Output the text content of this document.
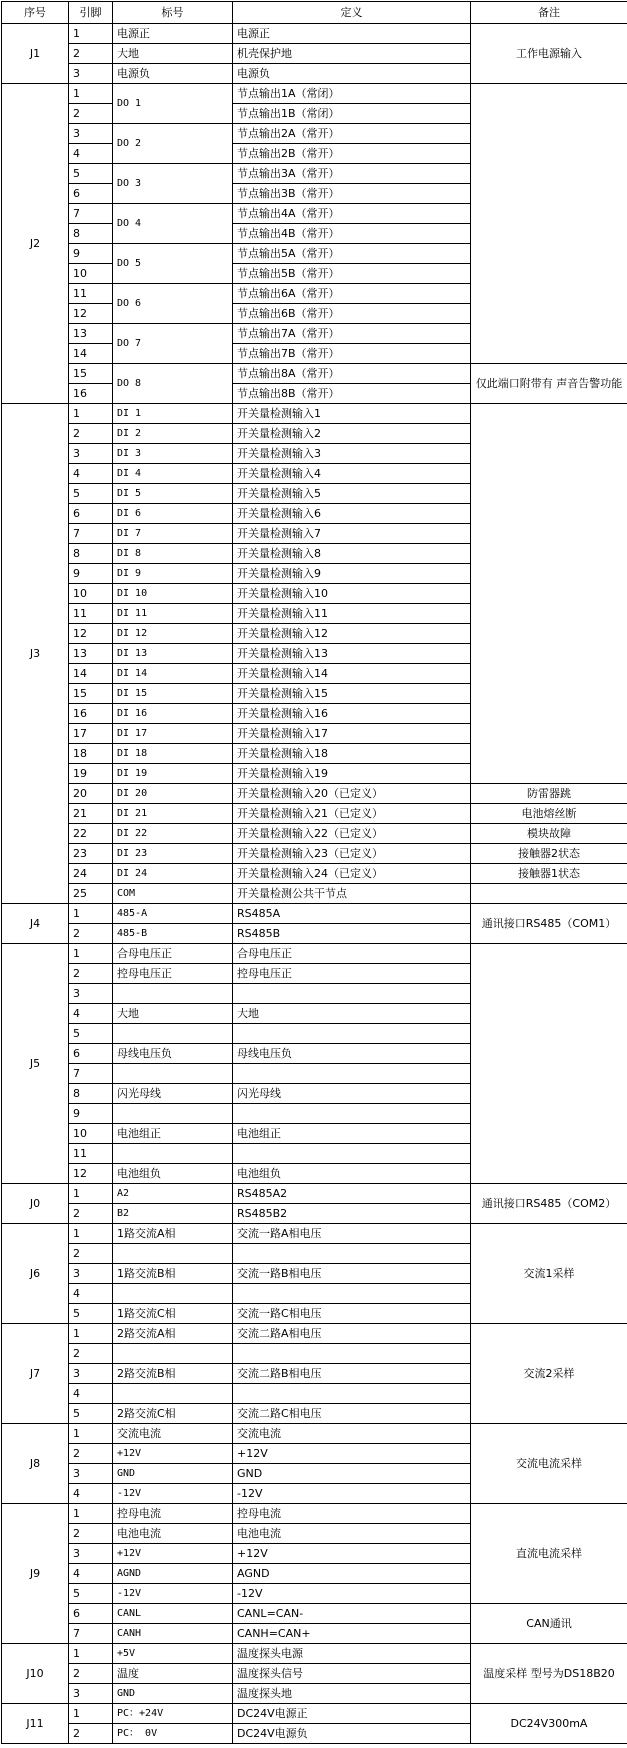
序号	引脚	标号	定义	备注
J1	1	电源正	电源正	工作电源输入
	2	大地	机壳保护地	
	3	电源负	电源负	
J2	1	DO 1	节点输出1A（常闭）	
	2		节点输出1B（常闭）	
	3	DO 2	节点输出2A（常开）	
	4		节点输出2B（常开）	
	5	DO 3	节点输出3A（常开）	
	6		节点输出3B（常开）	
	7	DO 4	节点输出4A（常开）	
	8		节点输出4B（常开）	
	9	DO 5	节点输出5A（常开）	
	10		节点输出5B（常开）	
	11	DO 6	节点输出6A（常开）	
	12		节点输出6B（常开）	
	13	DO 7	节点输出7A（常开）	
	14		节点输出7B（常开）	
	15	DO 8	节点输出8A（常开）	仅此端口附带有 声音告警功能
	16		节点输出8B（常开）	
J3	1	DI 1	开关量检测输入1	
	2	DI 2	开关量检测输入2	
	3	DI 3	开关量检测输入3	
	4	DI 4	开关量检测输入4	
	5	DI 5	开关量检测输入5	
	6	DI 6	开关量检测输入6	
	7	DI 7	开关量检测输入7	
	8	DI 8	开关量检测输入8	
	9	DI 9	开关量检测输入9	
	10	DI 10	开关量检测输入10	
	11	DI 11	开关量检测输入11	
	12	DI 12	开关量检测输入12	
	13	DI 13	开关量检测输入13	
	14	DI 14	开关量检测输入14	
	15	DI 15	开关量检测输入15	
	16	DI 16	开关量检测输入16	
	17	DI 17	开关量检测输入17	
	18	DI 18	开关量检测输入18	
	19	DI 19	开关量检测输入19	
	20	DI 20	开关量检测输入20（已定义）	防雷器跳
	21	DI 21	开关量检测输入21（已定义）	电池熔丝断
	22	DI 22	开关量检测输入22（已定义）	模块故障
	23	DI 23	开关量检测输入23（已定义）	接触器2状态
	24	DI 24	开关量检测输入24（已定义）	接触器1状态
	25	COM	开关量检测公共干节点	
J4	1	485-A	RS485A	通讯接口RS485（COM1）
	2	485-B	RS485B	
J5	1	合母电压正	合母电压正	
	2	控母电压正	控母电压正	
	3			
	4	大地	大地	
	5			
	6	母线电压负	母线电压负	
	7			
	8	闪光母线	闪光母线	
	9			
	10	电池组正	电池组正	
	11			
	12	电池组负	电池组负	
J0	1	A2	RS485A2	通讯接口RS485（COM2）
	2	B2	RS485B2	
J6	1	1路交流A相	交流一路A相电压	交流1采样
	2			
	3	1路交流B相	交流一路B相电压	
	4			
	5	1路交流C相	交流一路C相电压	
J7	1	2路交流A相	交流二路A相电压	交流2采样
	2			
	3	2路交流B相	交流二路B相电压	
	4			
	5	2路交流C相	交流二路C相电压	
J8	1	交流电流	交流电流	交流电流采样
	2	+12V	+12V	
	3	GND	GND	
	4	-12V	-12V	
J9	1	控母电流	控母电流	直流电流采样
	2	电池电流	电池电流	
	3	+12V	+12V	
	4	AGND	AGND	
	5	-12V	-12V	
	6	CANL	CANL=CAN-	CAN通讯
	7	CANH	CANH=CAN+	
J10	1	+5V	温度探头电源	温度采样 型号为DS18B20
	2	温度	温度探头信号	
	3	GND	温度探头地	
J11	1	PC：+24V	DC24V电源正	DC24V300mA
	2	PC： 0V	DC24V电源负	
